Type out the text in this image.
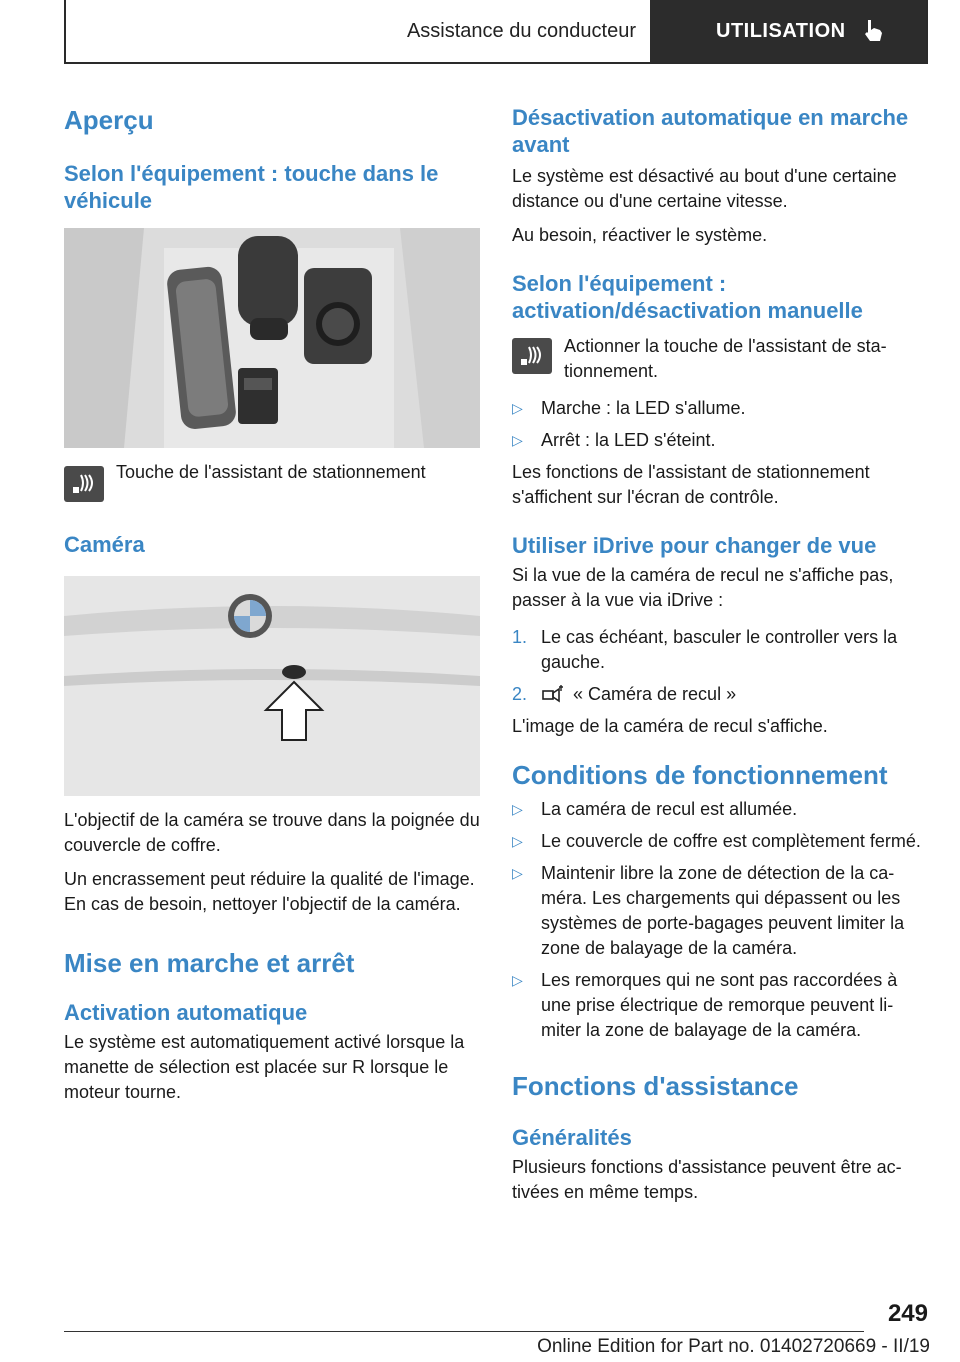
Assistance du conducteur	UTILISATION
Aperçu
Selon l'équipement : touche dans le véhicule

Touche de l'assistant de stationnement

Caméra

L'objectif de la caméra se trouve dans la poignée du couvercle de coffre.

Un encrassement peut réduire la qualité de l'image. En cas de besoin, nettoyer l'objectif de la caméra.

Mise en marche et arrêt
Activation automatique

Le système est automatiquement activé lorsque la manette de sélection est placée sur R lorsque le moteur tourne.

Désactivation automatique en marche avant

Le système est désactivé au bout d'une certaine distance ou d'une certaine vitesse.

Au besoin, réactiver le système.

Selon l'équipement : activation/désactivation manuelle

Actionner la touche de l'assistant de sta-tionnement.

▷ Marche : la LED s'allume.
▷ Arrêt : la LED s'éteint.

Les fonctions de l'assistant de stationnement s'affichent sur l'écran de contrôle.

Utiliser iDrive pour changer de vue

Si la vue de la caméra de recul ne s'affiche pas, passer à la vue via iDrive :

1. Le cas échéant, basculer le controller vers la gauche.
2.	« Caméra de recul »

L'image de la caméra de recul s'affiche.

Conditions de fonctionnement
▷ La caméra de recul est allumée.
▷ Le couvercle de coffre est complètement fermé.
▷ Maintenir libre la zone de détection de la ca-méra. Les chargements qui dépassent ou les systèmes de porte-bagages peuvent limiter la zone de balayage de la caméra.
▷ Les remorques qui ne sont pas raccordées à une prise électrique de remorque peuvent li-miter la zone de balayage de la caméra.
Fonctions d'assistance
Généralités

Plusieurs fonctions d'assistance peuvent être ac-tivées en même temps.

249
Online Edition for Part no. 01402720669 - II/19
